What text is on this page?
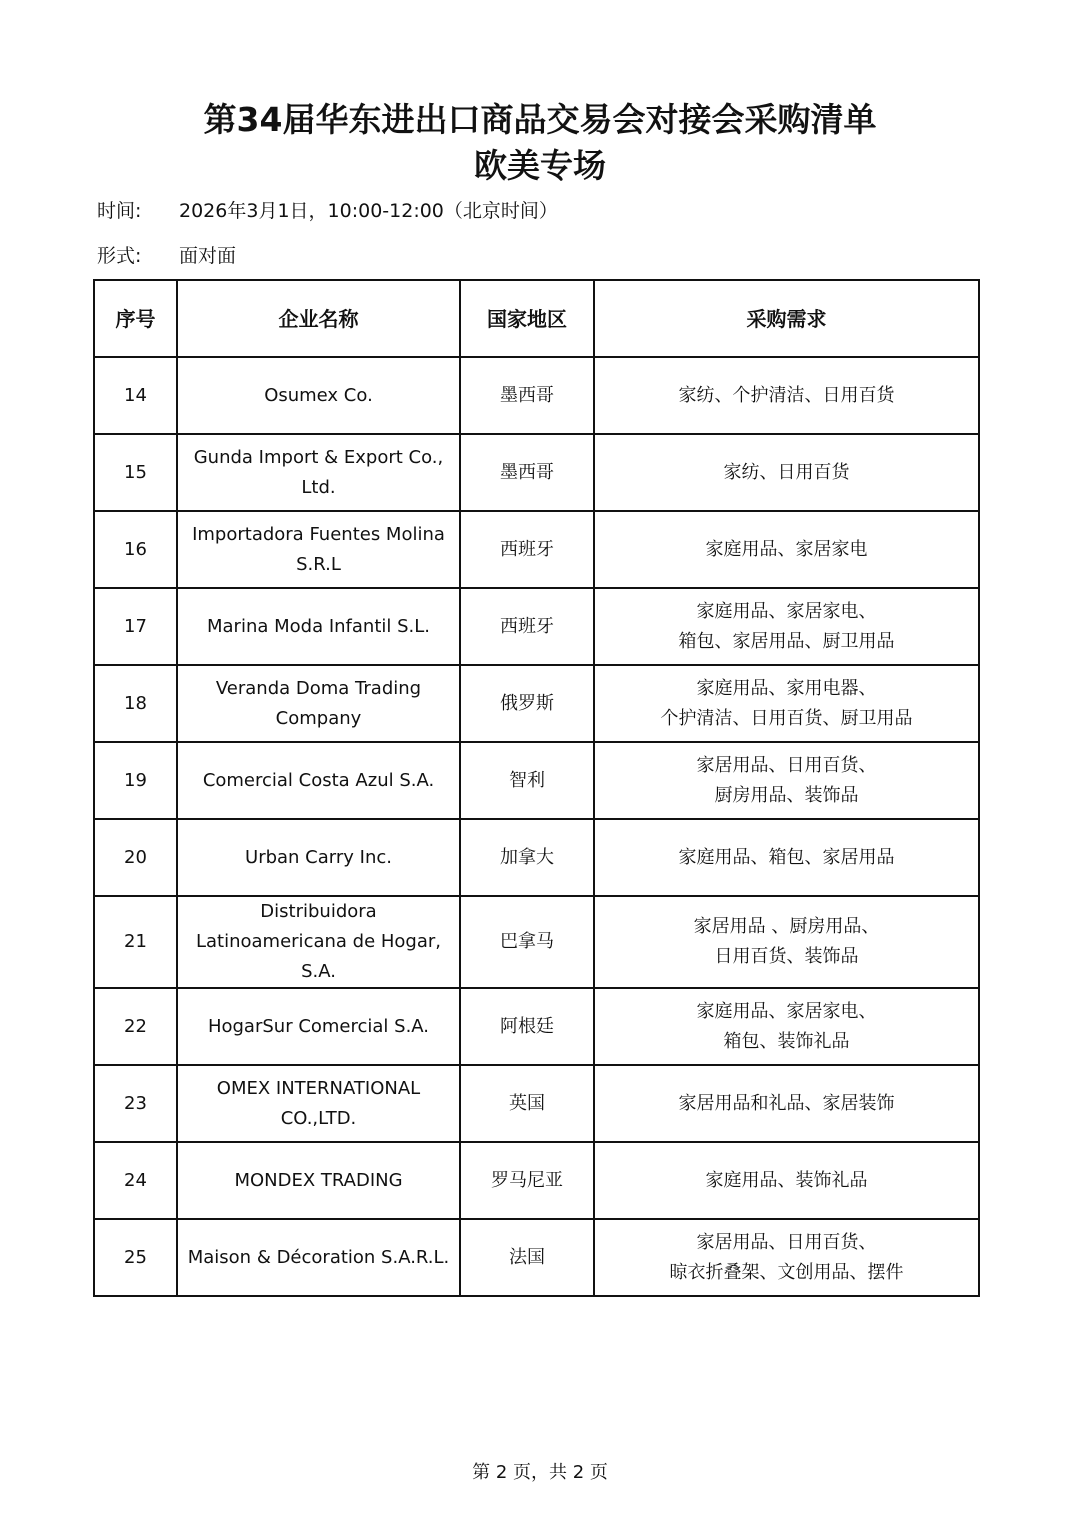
第34届华东进出口商品交易会对接会采购清单
欧美专场
时间: 2026年3月1日，10:00-12:00（北京时间）
形式: 面对面
序号	企业名称	国家地区	采购需求
14	Osumex Co.	墨西哥	家纺、个护清洁、日用百货

15	Gunda Import & Export Co., Ltd.	墨西哥	家纺、日用百货

16	Importadora Fuentes Molina S.R.L	西班牙	家庭用品、家居家电

17	Marina Moda Infantil S.L.	西班牙	家庭用品、家居家电、
箱包、家居用品、厨卫用品

18	Veranda Doma Trading Company	俄罗斯	家庭用品、家用电器、
个护清洁、日用百货、厨卫用品

19	Comercial Costa Azul S.A.	智利	家居用品、日用百货、
厨房用品、装饰品

20	Urban Carry Inc.	加拿大	家庭用品、箱包、家居用品

21	Distribuidora Latinoamericana de Hogar, S.A.	巴拿马	家居用品 、厨房用品、
日用百货、装饰品

22	HogarSur Comercial S.A.	阿根廷	家庭用品、家居家电、
箱包、装饰礼品

23	OMEX INTERNATIONAL CO.,LTD.	英国	家居用品和礼品、家居装饰

24	MONDEX TRADING	罗马尼亚	家庭用品、装饰礼品

25	Maison & Décoration S.A.R.L.	法国	家居用品、日用百货、
晾衣折叠架、文创用品、摆件
第 2 页，共 2 页
